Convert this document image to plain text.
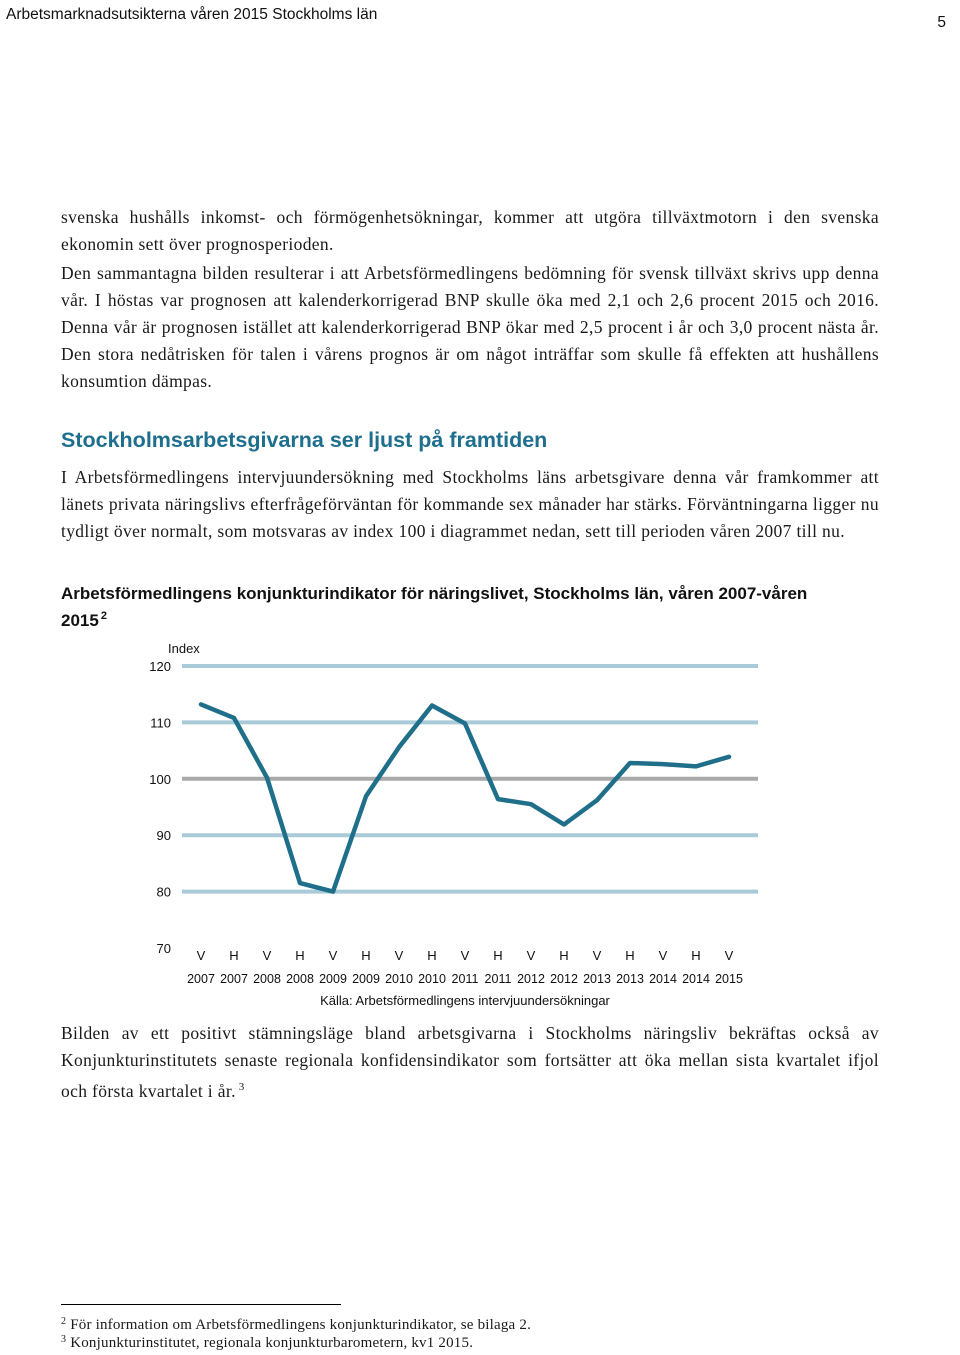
Arbetsmarknadsutsikterna våren 2015 Stockholms län	5

svenska hushålls inkomst- och förmögenhetsökningar, kommer att utgöra tillväxtmotorn i den svenska ekonomin sett över prognosperioden.

Den sammantagna bilden resulterar i att Arbetsförmedlingens bedömning för svensk tillväxt skrivs upp denna vår. I höstas var prognosen att kalenderkorrigerad BNP skulle öka med 2,1 och 2,6 procent 2015 och 2016. Denna vår är prognosen istället att kalenderkorrigerad BNP ökar med 2,5 procent i år och 3,0 procent nästa år. Den stora nedåtrisken för talen i vårens prognos är om något inträffar som skulle få effekten att hushållens konsumtion dämpas.

Stockholmsarbetsgivarna ser ljust på framtiden

I Arbetsförmedlingens intervjuundersökning med Stockholms läns arbetsgivare denna vår framkommer att länets privata näringslivs efterfrågeförväntan för kommande sex månader har stärks. Förväntningarna ligger nu tydligt över normalt, som motsvaras av index 100 i diagrammet nedan, sett till perioden våren 2007 till nu.

Arbetsförmedlingens konjunkturindikator för näringslivet, Stockholms län, våren 2007-våren 2015 $^2$
Index
120
110
100
90
80
70 V H V H V H V H V H V H V H V H V
2007 2007 2008 2008 2009 2009 2010 2010 2011 2011 2012 2012 2013 2013 2014 2014 2015
Källa: Arbetsförmedlingens intervjuundersökningar

Bilden av ett positivt stämningsläge bland arbetsgivarna i Stockholms näringsliv bekräftas också av Konjunkturinstitutets senaste regionala konfidensindikator som fortsätter att öka mellan sista kvartalet ifjol och första kvartalet i år. $^3$

$^2$ För information om Arbetsförmedlingens konjunkturindikator, se bilaga 2.

$^3$ Konjunkturinstitutet, regionala konjunkturbarometern, kv1 2015.
